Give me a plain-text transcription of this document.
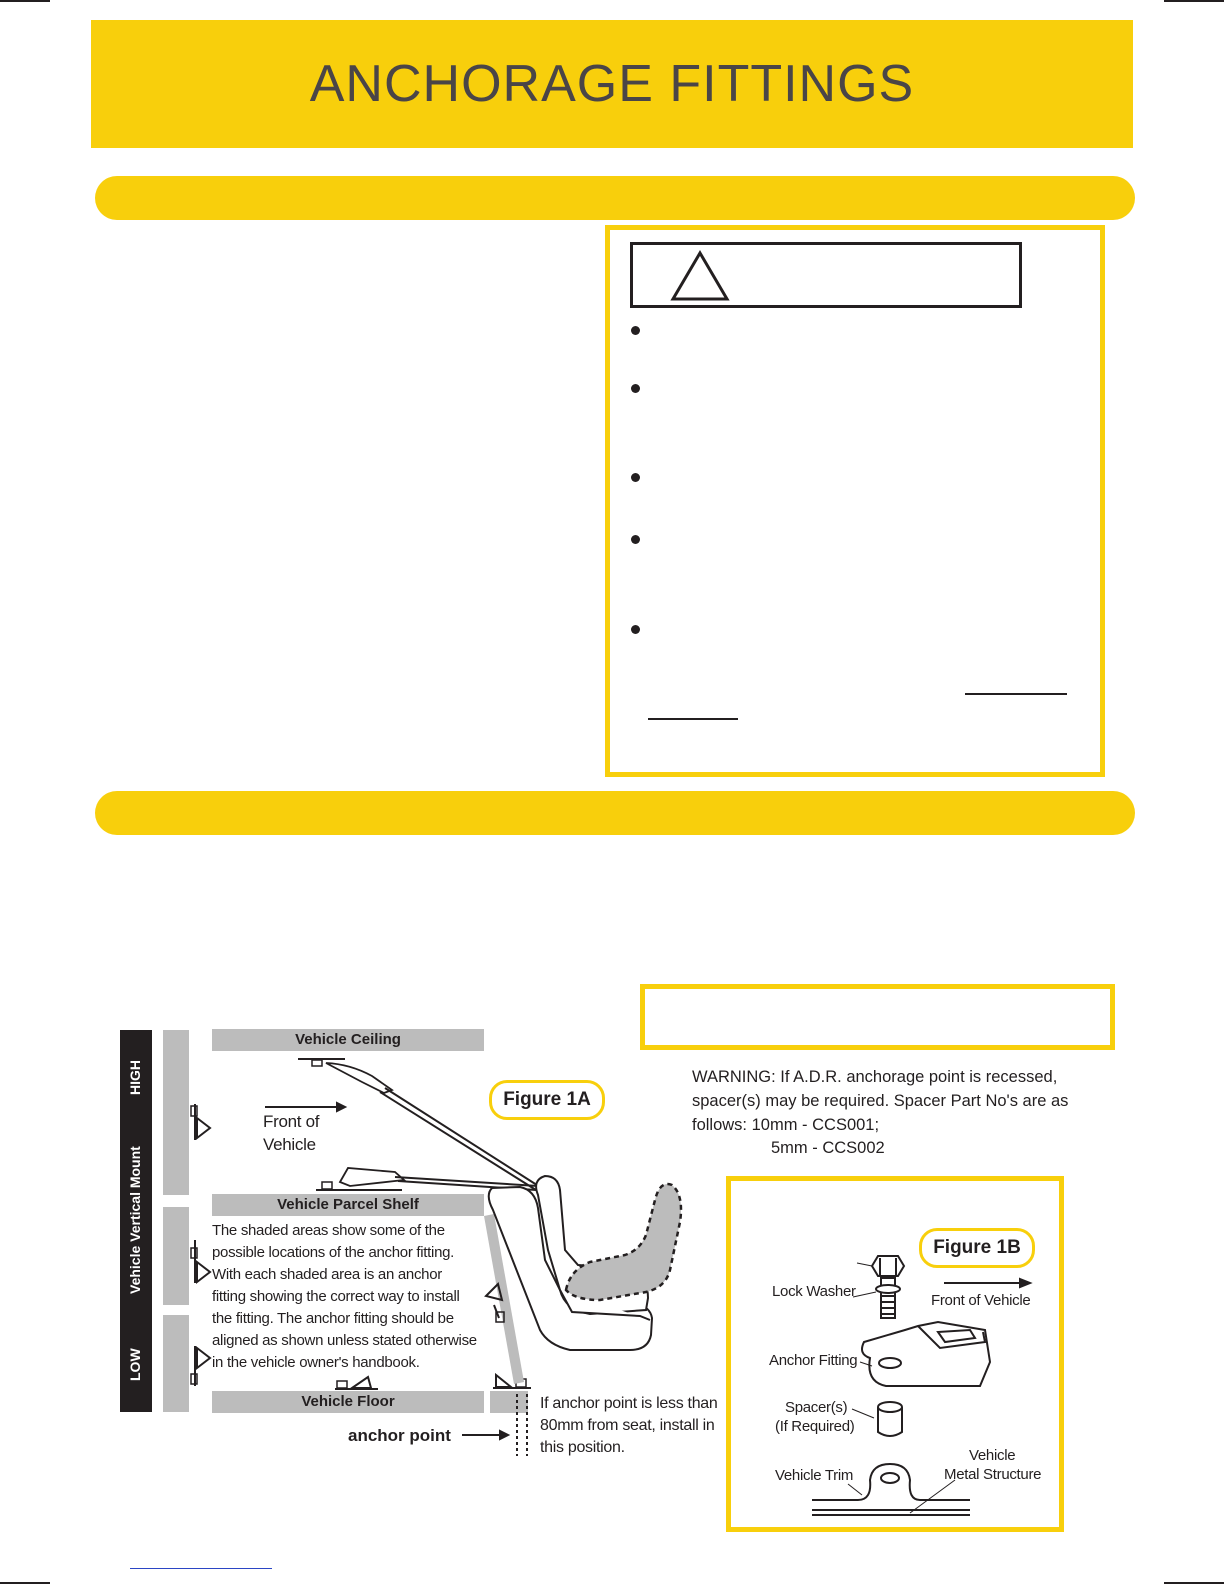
ANCHORAGE FITTINGS
WARNING: If A.D.R. anchorage point is recessed,
spacer(s) may be required. Spacer Part No's are as
follows: 10mm - CCS001;
5mm - CCS002
HIGH
Vehicle Vertical Mount
LOW
Vehicle Ceiling
Vehicle Parcel Shelf
Vehicle Floor
Figure 1A
Front of
Vehicle
The shaded areas show some of the
possible locations of the anchor fitting.
With each shaded area is an anchor
fitting showing the correct way to install
the fitting. The anchor fitting should be
aligned as shown unless stated otherwise
in the vehicle owner's handbook.
anchor point
If anchor point is less than
80mm from seat, install in
this position.
Figure 1B
Lock Washer
Front of Vehicle
Anchor Fitting
Spacer(s)
(If Required)
Vehicle Trim
Vehicle
Metal Structure
